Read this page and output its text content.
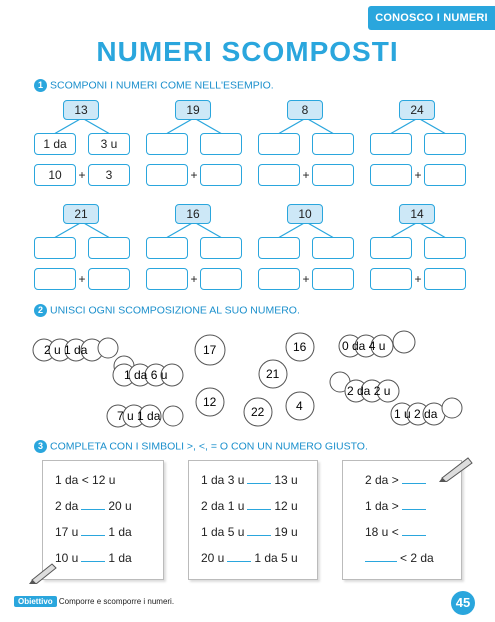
CONOSCO I NUMERI
NUMERI SCOMPOSTI
1 SCOMPONI I NUMERI COME NELL'ESEMPIO.
13
1 da	3 u
10	3
+
19
+
8
+
24
+
21
+
16
+
10
+
14
+
2 UNISCI OGNI SCOMPOSIZIONE AL SUO NUMERO.
2 u 1 da
1 da 6 u
7 u 1 da
17	16
21
12
22	4
0 da 4 u
2 da 2 u
1 u 2 da
3 COMPLETA CON I SIMBOLI >, <, = O CON UN NUMERO GIUSTO.
1 da < 12 u
2 da	20 u
17 u	1 da
10 u	1 da
1 da 3 u	13 u
2 da 1 u	12 u
1 da 5 u	19 u
20 u	1 da 5 u
2 da >
1 da >
18 u <
< 2 da
Obiettivo Comporre e scomporre i numeri.	45
